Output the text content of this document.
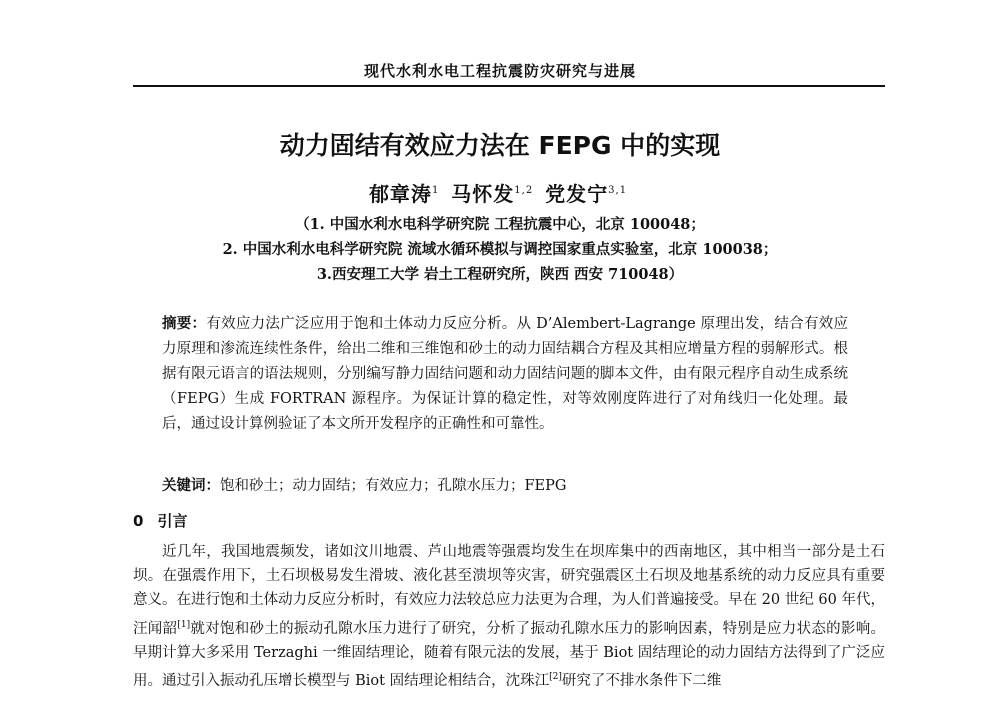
现代水利水电工程抗震防灾研究与进展
动力固结有效应力法在 FEPG 中的实现
郁章涛$^1$ 马怀发$^{1,2}$ 党发宁$^{3,1}$
（1. 中国水利水电科学研究院 工程抗震中心，北京 100048；
2. 中国水利水电科学研究院 流域水循环模拟与调控国家重点实验室，北京 100038；
3.西安理工大学 岩土工程研究所，陕西 西安 710048）
摘要：有效应力法广泛应用于饱和土体动力反应分析。从 D’Alembert-Lagrange 原理出发，结合有效应力原理和渗流连续性条件，给出二维和三维饱和砂土的动力固结耦合方程及其相应增量方程的弱解形式。根据有限元语言的语法规则，分别编写静力固结问题和动力固结问题的脚本文件，由有限元程序自动生成系统（FEPG）生成 FORTRAN 源程序。为保证计算的稳定性，对等效刚度阵进行了对角线归一化处理。最后，通过设计算例验证了本文所开发程序的正确性和可靠性。
关键词：饱和砂土；动力固结；有效应力；孔隙水压力；FEPG
0 引言
近几年，我国地震频发，诸如汶川地震、芦山地震等强震均发生在坝库集中的西南地区，其中相当一部分是土石坝。在强震作用下，土石坝极易发生滑坡、液化甚至溃坝等灾害，研究强震区土石坝及地基系统的动力反应具有重要意义。在进行饱和土体动力反应分析时，有效应力法较总应力法更为合理，为人们普遍接受。早在 20 世纪 60 年代，汪闻韶[1]就对饱和砂土的振动孔隙水压力进行了研究，分析了振动孔隙水压力的影响因素，特别是应力状态的影响。早期计算大多采用 Terzaghi 一维固结理论，随着有限元法的发展，基于 Biot 固结理论的动力固结方法得到了广泛应用。通过引入振动孔压增长模型与 Biot 固结理论相结合，沈珠江[2]研究了不排水条件下二维
